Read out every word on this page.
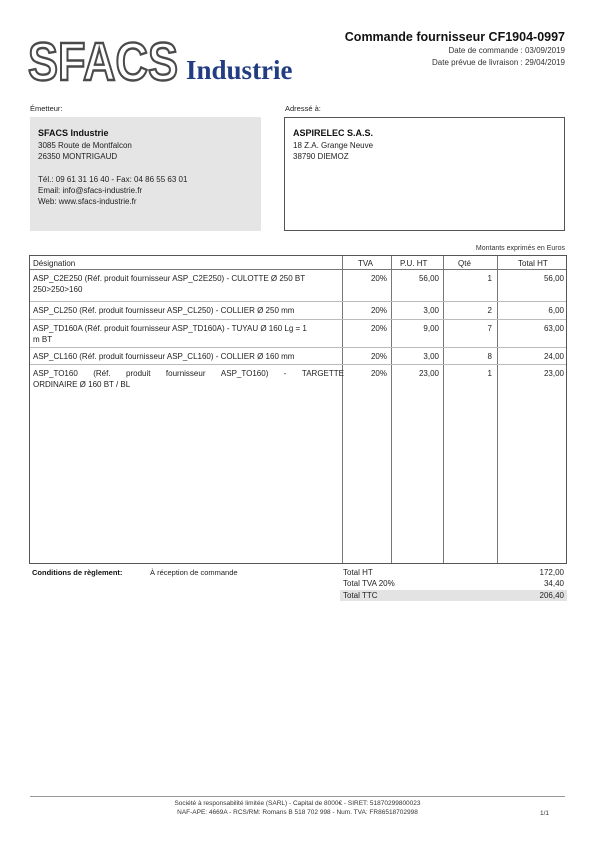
SFACS Industrie
Commande fournisseur CF1904-0997
Date de commande : 03/09/2019
Date prévue de livraison : 29/04/2019
Émetteur:	Adressé à:
SFACS Industrie
3085 Route de Montfalcon
26350 MONTRIGAUD
Tél.: 09 61 31 16 40 - Fax: 04 86 55 63 01
Email: info@sfacs-industrie.fr
Web: www.sfacs-industrie.fr
ASPIRELEC S.A.S.
18 Z.A. Grange Neuve
38790 DIEMOZ
Montants exprimés en Euros
Désignation	TVA	P.U. HT	Qté	Total HT
ASP_C2E250 (Réf. produit fournisseur ASP_C2E250) - CULOTTE Ø 250 BT
250>250>160
20%	56,00	1	56,00
ASP_CL250 (Réf. produit fournisseur ASP_CL250) - COLLIER Ø 250 mm	20%	3,00	2	6,00
ASP_TD160A (Réf. produit fournisseur ASP_TD160A) - TUYAU Ø 160 Lg = 1
m BT
20%	9,00	7	63,00
ASP_CL160 (Réf. produit fournisseur ASP_CL160) - COLLIER Ø 160 mm	20%	3,00	8	24,00
ASP_TO160 (Réf. produit fournisseur ASP_TO160) - TARGETTE
ORDINAIRE Ø 160 BT / BL
20%	23,00	1	23,00
Conditions de règlement:	À réception de commande	Total HT	172,00
Total TVA 20%	34,40
Total TTC	206,40
Société à responsabilité limitée (SARL) - Capital de 8000€ - SIRET: 51870299800023
NAF-APE: 4669A - RCS/RM: Romans B 518 702 998 - Num. TVA: FR86518702998	1/1
